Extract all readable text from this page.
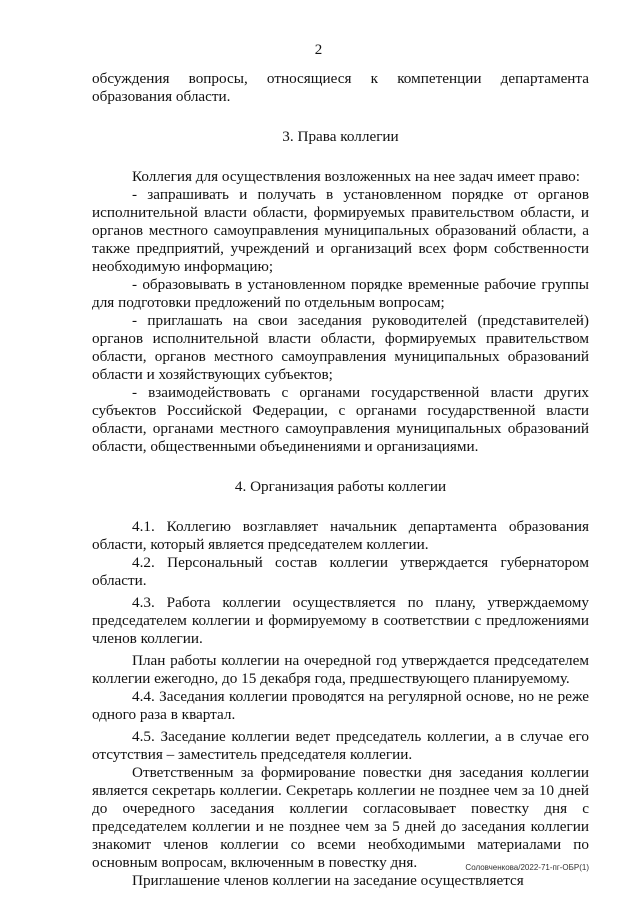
2

обсуждения вопросы, относящиеся к компетенции департамента образования области.

3. Права коллегии

Коллегия для осуществления возложенных на нее задач имеет право:

- запрашивать и получать в установленном порядке от органов исполнительной власти области, формируемых правительством области, и органов местного самоуправления муниципальных образований области, а также предприятий, учреждений и организаций всех форм собственности необходимую информацию;

- образовывать в установленном порядке временные рабочие группы для подготовки предложений по отдельным вопросам;

- приглашать на свои заседания руководителей (представителей) органов исполнительной власти области, формируемых правительством области, органов местного самоуправления муниципальных образований области и хозяйствующих субъектов;

- взаимодействовать с органами государственной власти других субъектов Российской Федерации, с органами государственной власти области, органами местного самоуправления муниципальных образований области, общественными объединениями и организациями.

4. Организация работы коллегии

4.1. Коллегию возглавляет начальник департамента образования области, который является председателем коллегии.

4.2. Персональный состав коллегии утверждается губернатором области.

4.3. Работа коллегии осуществляется по плану, утверждаемому председателем коллегии и формируемому в соответствии с предложениями членов коллегии.

План работы коллегии на очередной год утверждается председателем коллегии ежегодно, до 15 декабря года, предшествующего планируемому.

4.4. Заседания коллегии проводятся на регулярной основе, но не реже одного раза в квартал.

4.5. Заседание коллегии ведет председатель коллегии, а в случае его отсутствия – заместитель председателя коллегии.

Ответственным за формирование повестки дня заседания коллегии является секретарь коллегии. Секретарь коллегии не позднее чем за 10 дней до очередного заседания коллегии согласовывает повестку дня с председателем коллегии и не позднее чем за 5 дней до заседания коллегии знакомит членов коллегии со всеми необходимыми материалами по основным вопросам, включенным в повестку дня.

Приглашение членов коллегии на заседание осуществляется

Соловченкова/2022-71-пг-ОБР(1)
